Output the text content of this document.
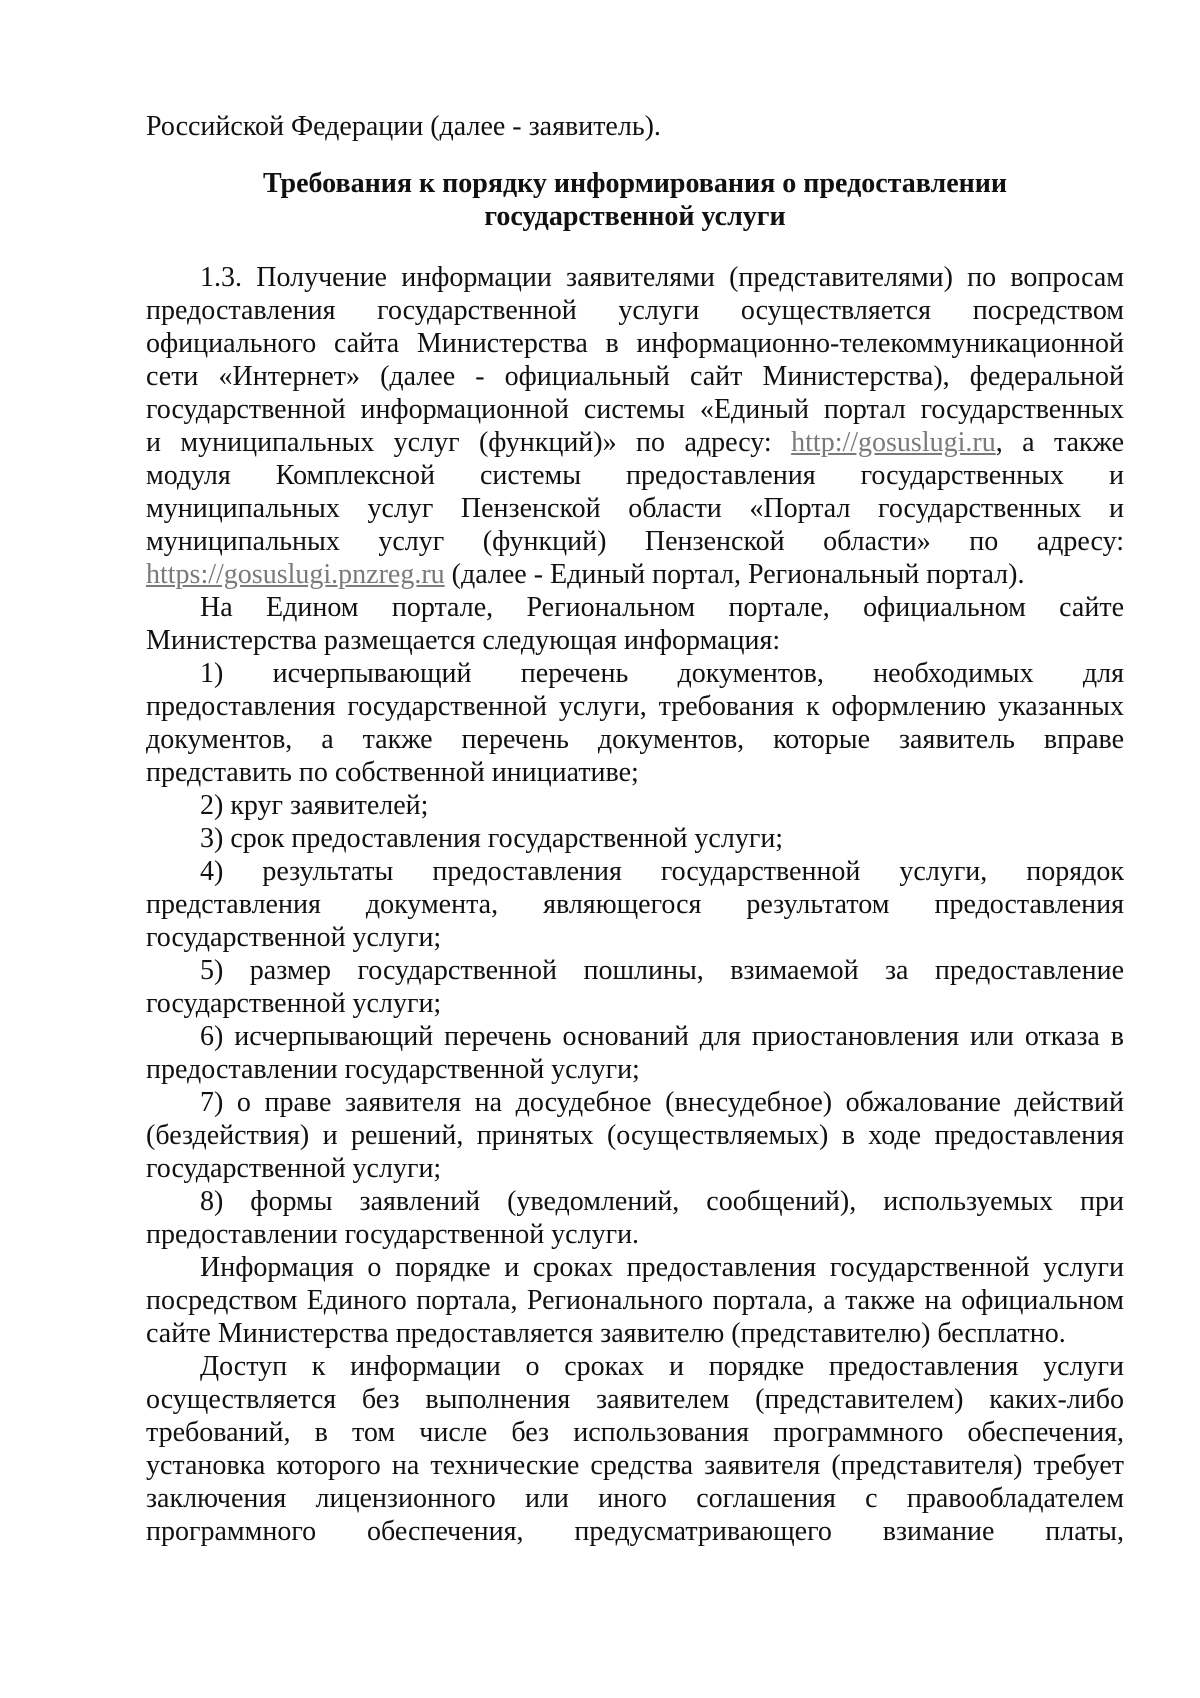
Российской Федерации (далее - заявитель).
Требования к порядку информирования о предоставлении
государственной услуги
1.3. Получение информации заявителями (представителями) по вопросам
предоставления государственной услуги осуществляется посредством
официального сайта Министерства в информационно-телекоммуникационной
сети «Интернет» (далее - официальный сайт Министерства), федеральной
государственной информационной системы «Единый портал государственных
и муниципальных услуг (функций)» по адресу: http://gosuslugi.ru, а также
модуля Комплексной системы предоставления государственных и
муниципальных услуг Пензенской области «Портал государственных и
муниципальных услуг (функций) Пензенской области» по адресу:
https://gosuslugi.pnzreg.ru (далее - Единый портал, Региональный портал).
На Едином портале, Региональном портале, официальном сайте
Министерства размещается следующая информация:
1) исчерпывающий перечень документов, необходимых для
предоставления государственной услуги, требования к оформлению указанных
документов, а также перечень документов, которые заявитель вправе
представить по собственной инициативе;
2) круг заявителей;
3) срок предоставления государственной услуги;
4) результаты предоставления государственной услуги, порядок
представления документа, являющегося результатом предоставления
государственной услуги;
5) размер государственной пошлины, взимаемой за предоставление
государственной услуги;
6) исчерпывающий перечень оснований для приостановления или отказа в
предоставлении государственной услуги;
7) о праве заявителя на досудебное (внесудебное) обжалование действий
(бездействия) и решений, принятых (осуществляемых) в ходе предоставления
государственной услуги;
8) формы заявлений (уведомлений, сообщений), используемых при
предоставлении государственной услуги.
Информация о порядке и сроках предоставления государственной услуги
посредством Единого портала, Регионального портала, а также на официальном
сайте Министерства предоставляется заявителю (представителю) бесплатно.
Доступ к информации о сроках и порядке предоставления услуги
осуществляется без выполнения заявителем (представителем) каких-либо
требований, в том числе без использования программного обеспечения,
установка которого на технические средства заявителя (представителя) требует
заключения лицензионного или иного соглашения с правообладателем
программного обеспечения, предусматривающего взимание платы,
